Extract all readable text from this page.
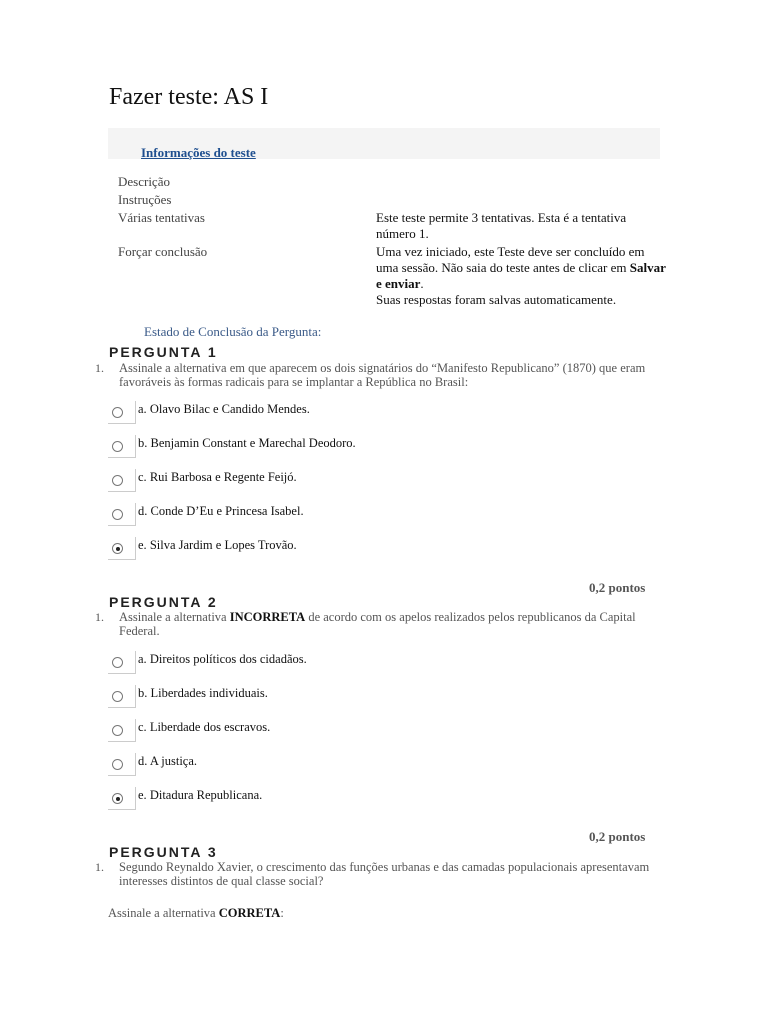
Fazer teste: AS I
Informações do teste
Descrição
Instruções
Várias tentativas	Este teste permite 3 tentativas. Esta é a tentativa número 1.
Forçar conclusão	Uma vez iniciado, este Teste deve ser concluído em uma sessão. Não saia do teste antes de clicar em Salvar e enviar.
Suas respostas foram salvas automaticamente.
Estado de Conclusão da Pergunta:
PERGUNTA 1
1. Assinale a alternativa em que aparecem os dois signatários do “Manifesto Republicano” (1870) que eram favoráveis às formas radicais para se implantar a República no Brasil:
a. Olavo Bilac e Candido Mendes.
b. Benjamin Constant e Marechal Deodoro.
c. Rui Barbosa e Regente Feijó.
d. Conde D’Eu e Princesa Isabel.
e. Silva Jardim e Lopes Trovão.
0,2 pontos
PERGUNTA 2
1. Assinale a alternativa INCORRETA de acordo com os apelos realizados pelos republicanos da Capital Federal.
a. Direitos políticos dos cidadãos.
b. Liberdades individuais.
c. Liberdade dos escravos.
d. A justiça.
e. Ditadura Republicana.
0,2 pontos
PERGUNTA 3
1. Segundo Reynaldo Xavier, o crescimento das funções urbanas e das camadas populacionais apresentavam interesses distintos de qual classe social?
Assinale a alternativa CORRETA:
